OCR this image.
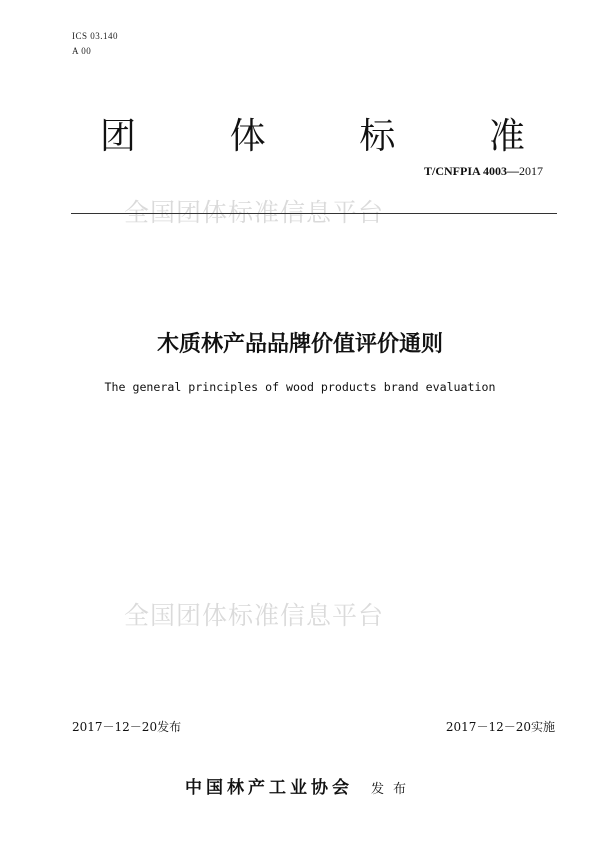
ICS 03.140
A 00
团	体	标	准
T/CNFPIA 4003—2017
全国团体标准信息平台
木质林产品品牌价值评价通则
The general principles of wood products brand evaluation
全国团体标准信息平台
2017－12－20发布	2017－12－20实施
中国林产工业协会 发布
